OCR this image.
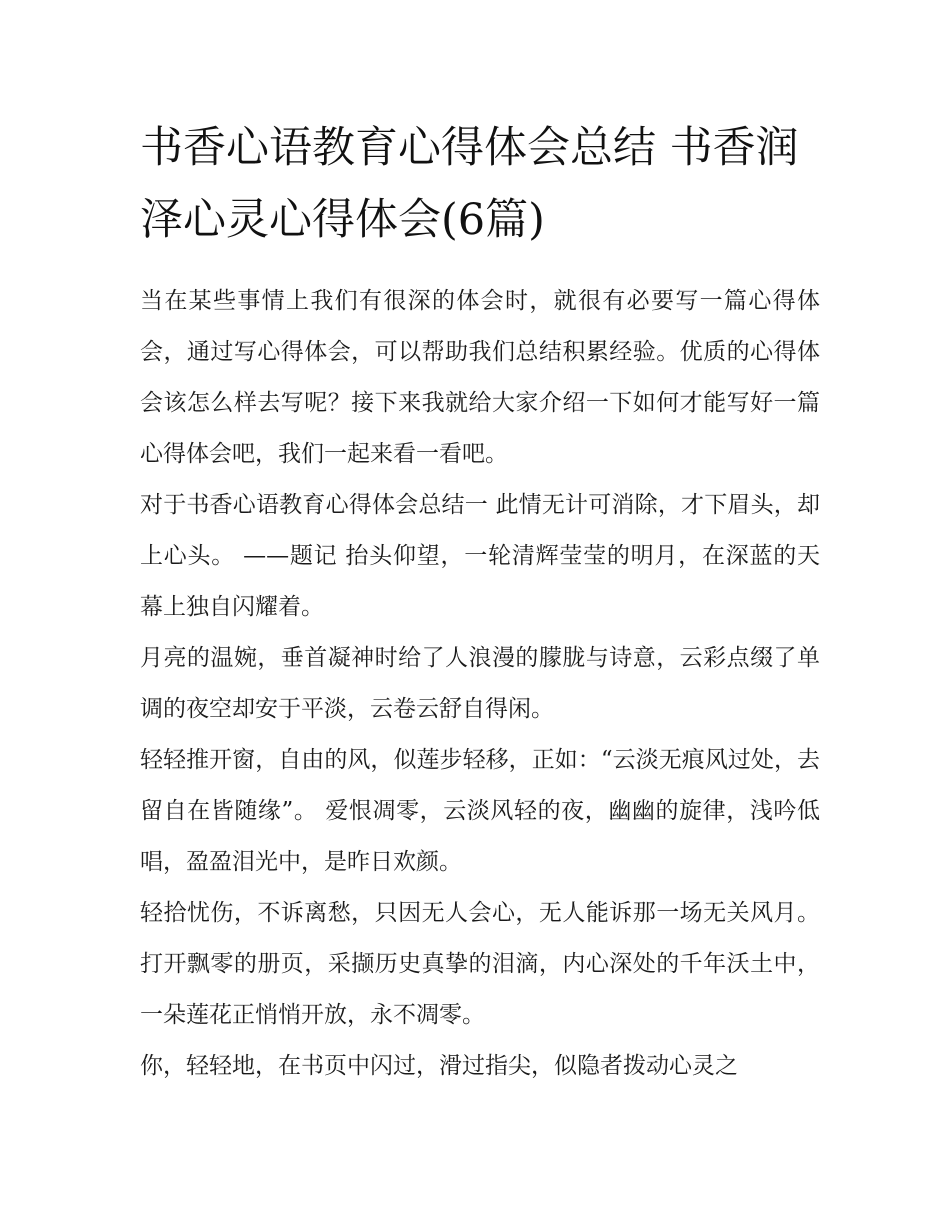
书香心语教育心得体会总结 书香润泽心灵心得体会(6篇)

当在某些事情上我们有很深的体会时，就很有必要写一篇心得体会，通过写心得体会，可以帮助我们总结积累经验。优质的心得体会该怎么样去写呢？接下来我就给大家介绍一下如何才能写好一篇心得体会吧，我们一起来看一看吧。

对于书香心语教育心得体会总结一 此情无计可消除，才下眉头，却上心头。 ——题记 抬头仰望，一轮清辉莹莹的明月，在深蓝的天幕上独自闪耀着。

月亮的温婉，垂首凝神时给了人浪漫的朦胧与诗意，云彩点缀了单调的夜空却安于平淡，云卷云舒自得闲。

轻轻推开窗，自由的风，似莲步轻移，正如：“云淡无痕风过处，去留自在皆随缘”。 爱恨凋零，云淡风轻的夜，幽幽的旋律，浅吟低唱，盈盈泪光中，是昨日欢颜。

轻拾忧伤，不诉离愁，只因无人会心，无人能诉那一场无关风月。 打开飘零的册页，采撷历史真挚的泪滴，内心深处的千年沃土中，一朵莲花正悄悄开放，永不凋零。

你，轻轻地，在书页中闪过，滑过指尖，似隐者拨动心灵之
